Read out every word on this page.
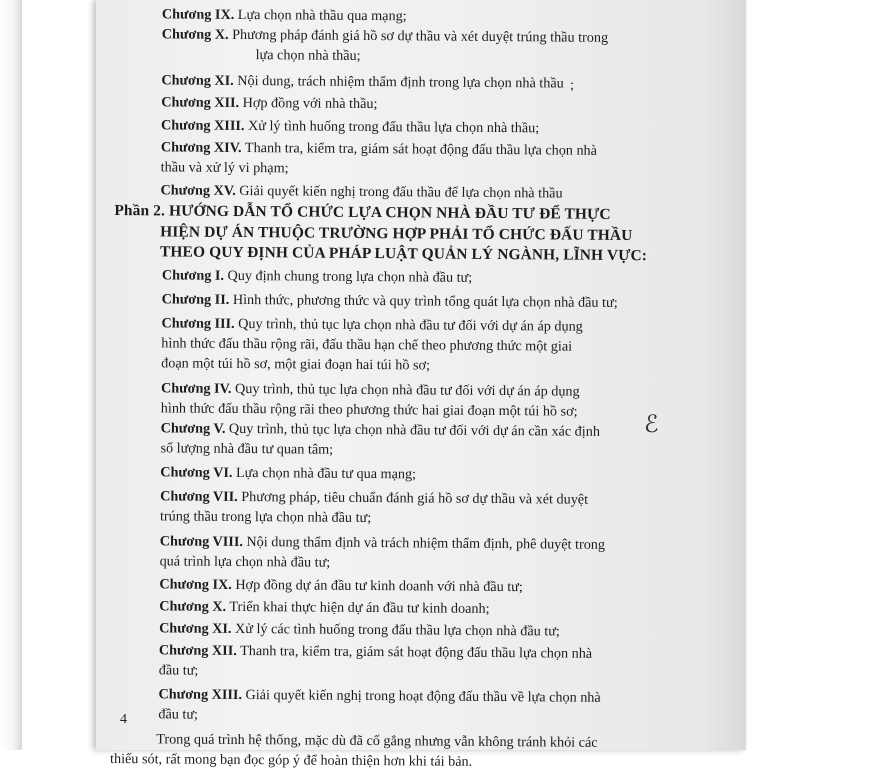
Chương IX. Lựa chọn nhà thầu qua mạng;
Chương X. Phương pháp đánh giá hồ sơ dự thầu và xét duyệt trúng thầu trong
lựa chọn nhà thầu;
Chương XI. Nội dung, trách nhiệm thẩm định trong lựa chọn nhà thầu
Chương XII. Hợp đồng với nhà thầu;
Chương XIII. Xử lý tình huống trong đấu thầu lựa chọn nhà thầu;
Chương XIV. Thanh tra, kiểm tra, giám sát hoạt động đấu thầu lựa chọn nhà
thầu và xử lý vi phạm;
Chương XV. Giải quyết kiến nghị trong đấu thầu để lựa chọn nhà thầu
Phần 2. HƯỚNG DẪN TỔ CHỨC LỰA CHỌN NHÀ ĐẦU TƯ ĐỂ THỰC
HIỆN DỰ ÁN THUỘC TRƯỜNG HỢP PHẢI TỔ CHỨC ĐẤU THẦU
THEO QUY ĐỊNH CỦA PHÁP LUẬT QUẢN LÝ NGÀNH, LĨNH VỰC:
Chương I. Quy định chung trong lựa chọn nhà đầu tư;
Chương II. Hình thức, phương thức và quy trình tổng quát lựa chọn nhà đầu tư;
Chương III. Quy trình, thủ tục lựa chọn nhà đầu tư đối với dự án áp dụng
hình thức đấu thầu rộng rãi, đấu thầu hạn chế theo phương thức một giai
đoạn một túi hồ sơ, một giai đoạn hai túi hồ sơ;
Chương IV. Quy trình, thủ tục lựa chọn nhà đầu tư đối với dự án áp dụng
hình thức đấu thầu rộng rãi theo phương thức hai giai đoạn một túi hồ sơ;
Chương V. Quy trình, thủ tục lựa chọn nhà đầu tư đối với dự án cần xác định
số lượng nhà đầu tư quan tâm;
Chương VI. Lựa chọn nhà đầu tư qua mạng;
Chương VII. Phương pháp, tiêu chuẩn đánh giá hồ sơ dự thầu và xét duyệt
trúng thầu trong lựa chọn nhà đầu tư;
Chương VIII. Nội dung thẩm định và trách nhiệm thẩm định, phê duyệt trong
quá trình lựa chọn nhà đầu tư;
Chương IX. Hợp đồng dự án đầu tư kinh doanh với nhà đầu tư;
Chương X. Triển khai thực hiện dự án đầu tư kinh doanh;
Chương XI. Xử lý các tình huống trong đấu thầu lựa chọn nhà đầu tư;
Chương XII. Thanh tra, kiểm tra, giám sát hoạt động đấu thầu lựa chọn nhà
đầu tư;
Chương XIII. Giải quyết kiến nghị trong hoạt động đấu thầu về lựa chọn nhà
đầu tư;
Trong quá trình hệ thống, mặc dù đã cố gắng nhưng vẫn không tránh khỏi các
thiếu sót, rất mong bạn đọc góp ý để hoàn thiện hơn khi tái bản.
;
ℰ
4
